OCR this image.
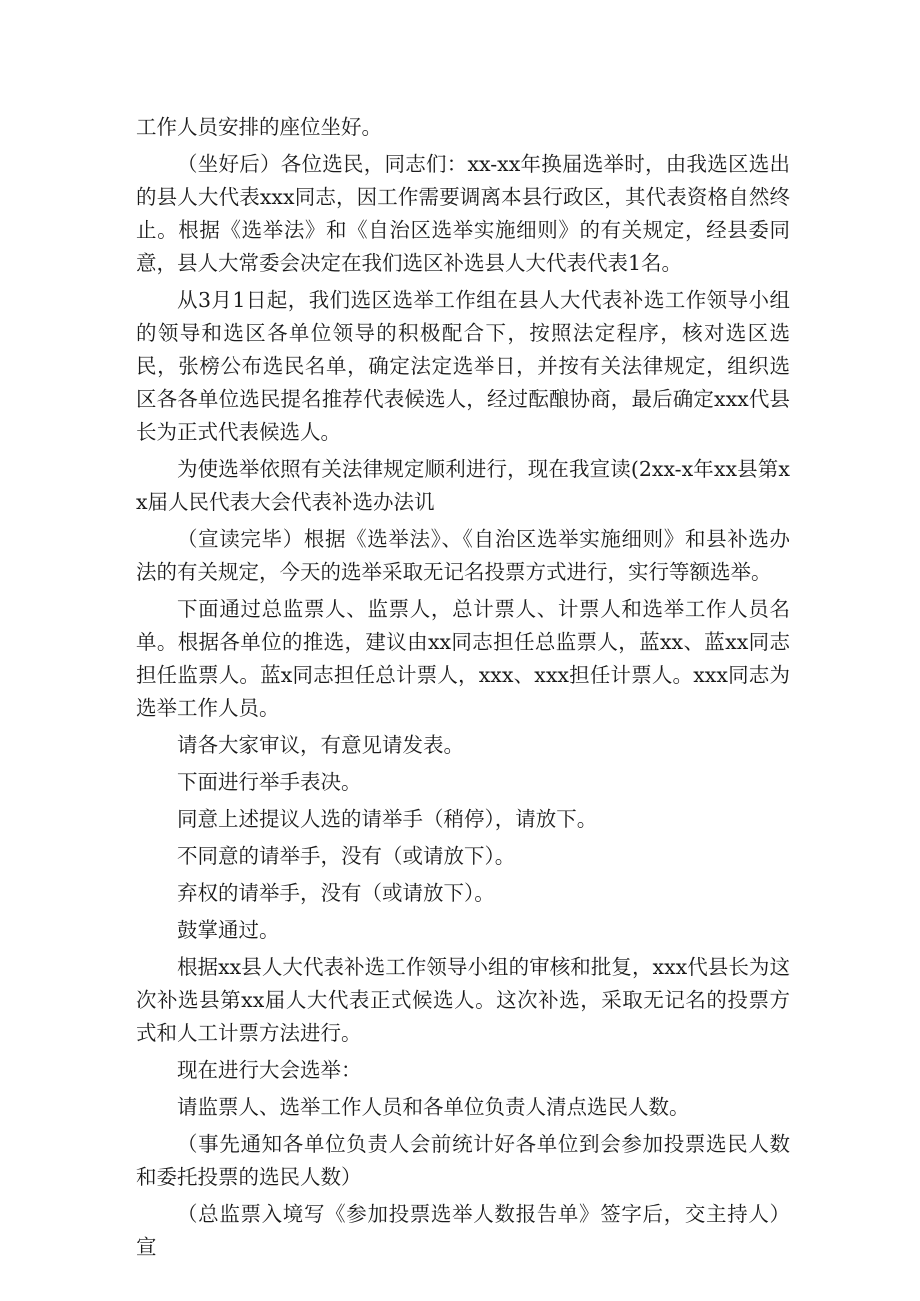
工作人员安排的座位坐好。

（坐好后）各位选民，同志们：xx-xx年换届选举时，由我选区选出的县人大代表xxx同志，因工作需要调离本县行政区，其代表资格自然终止。根据《选举法》和《自治区选举实施细则》的有关规定，经县委同意，县人大常委会决定在我们选区补选县人大代表代表1名。

从3月1日起，我们选区选举工作组在县人大代表补选工作领导小组的领导和选区各单位领导的积极配合下，按照法定程序，核对选区选民，张榜公布选民名单，确定法定选举日，并按有关法律规定，组织选区各各单位选民提名推荐代表候选人，经过酝酿协商，最后确定xxx代县长为正式代表候选人。

为使选举依照有关法律规定顺利进行，现在我宣读(2xx-x年xx县第xx届人民代表大会代表补选办法讥

（宣读完毕）根据《选举法》、《自治区选举实施细则》和县补选办法的有关规定，今天的选举采取无记名投票方式进行，实行等额选举。

下面通过总监票人、监票人，总计票人、计票人和选举工作人员名单。根据各单位的推选，建议由xx同志担任总监票人，蓝xx、蓝xx同志担任监票人。蓝x同志担任总计票人，xxx、xxx担任计票人。xxx同志为选举工作人员。

请各大家审议，有意见请发表。

下面进行举手表决。

同意上述提议人选的请举手（稍停），请放下。

不同意的请举手，没有（或请放下）。

弃权的请举手，没有（或请放下）。

鼓掌通过。

根据xx县人大代表补选工作领导小组的审核和批复，xxx代县长为这次补选县第xx届人大代表正式候选人。这次补选，采取无记名的投票方式和人工计票方法进行。

现在进行大会选举：

请监票人、选举工作人员和各单位负责人清点选民人数。

（事先通知各单位负责人会前统计好各单位到会参加投票选民人数和委托投票的选民人数）

（总监票入境写《参加投票选举人数报告单》签字后，交主持人）宣
